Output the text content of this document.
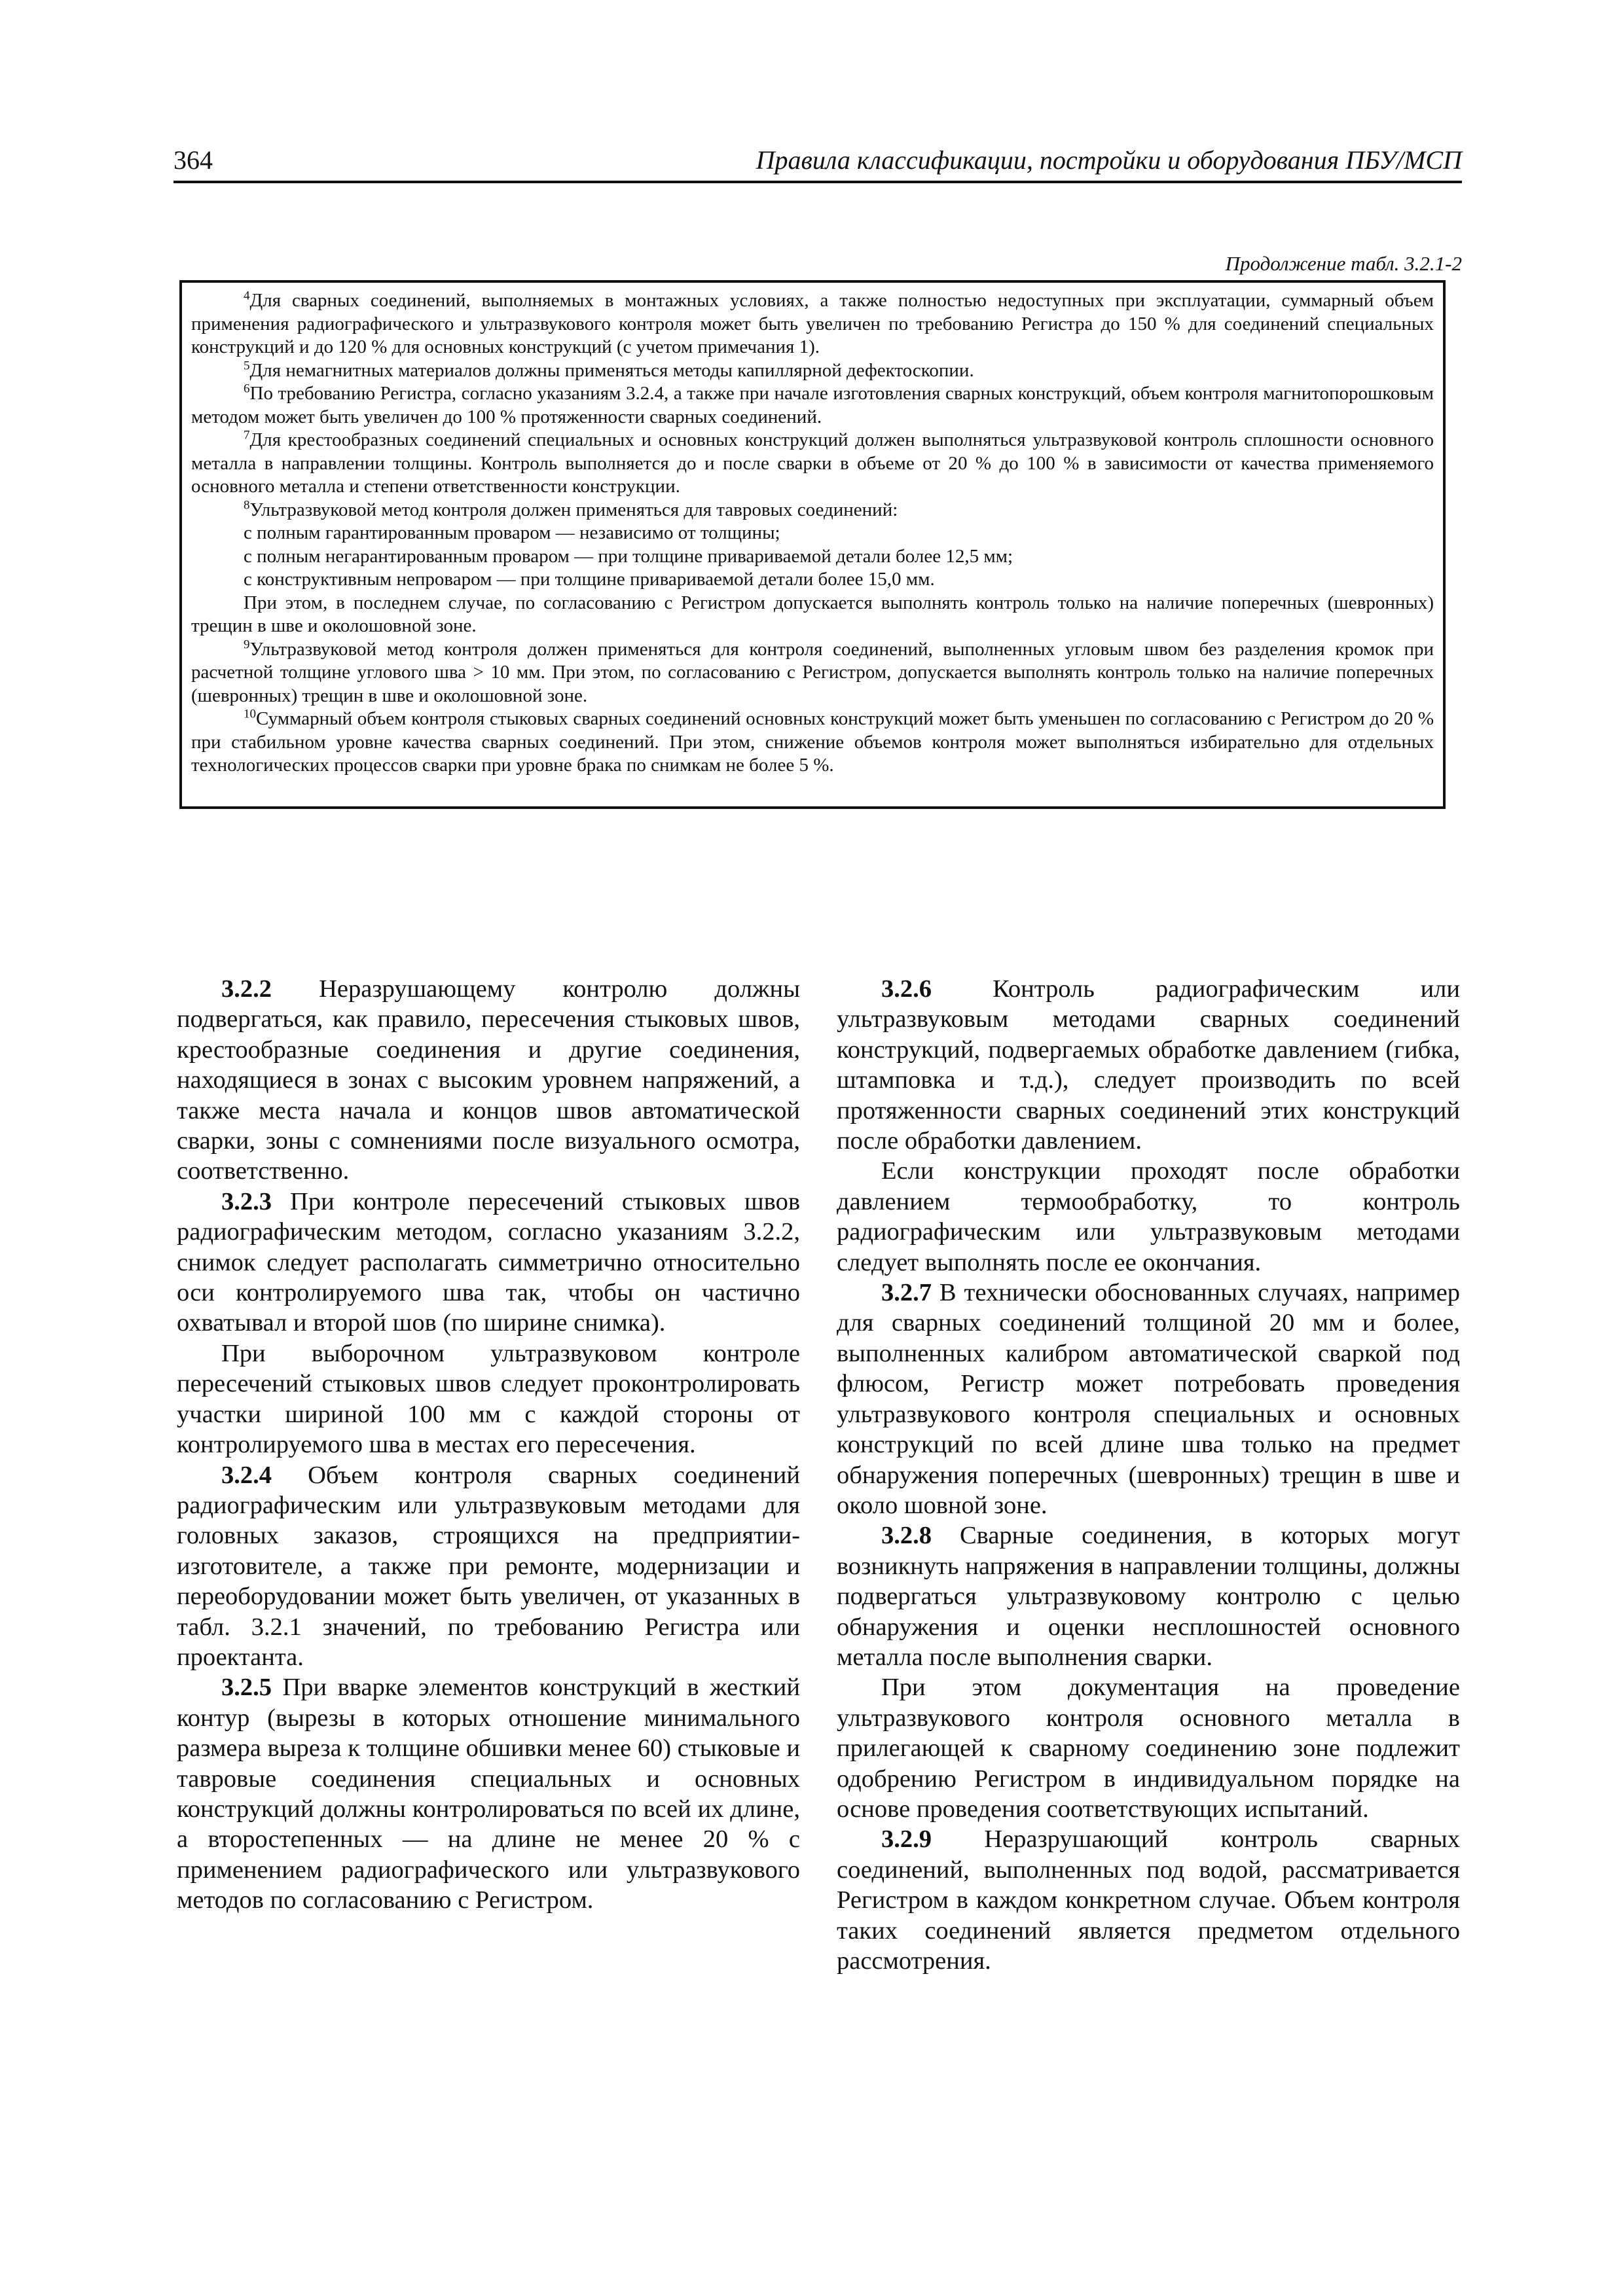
364	Правила классификации, постройки и оборудования ПБУ/МСП
Продолжение табл. 3.2.1-2

$^4$Для сварных соединений, выполняемых в монтажных условиях, а также полностью недоступных при эксплуатации, суммарный объем применения радиографического и ультразвукового контроля может быть увеличен по требованию Регистра до 150 % для соединений специальных конструкций и до 120 % для основных конструкций (с учетом примечания 1).

$^5$Для немагнитных материалов должны применяться методы капиллярной дефектоскопии.

$^6$По требованию Регистра, согласно указаниям 3.2.4, а также при начале изготовления сварных конструкций, объем контроля магнитопорошковым методом может быть увеличен до 100 % протяженности сварных соединений.

$^7$Для крестообразных соединений специальных и основных конструкций должен выполняться ультразвуковой контроль сплошности основного металла в направлении толщины. Контроль выполняется до и после сварки в объеме от 20 % до 100 % в зависимости от качества применяемого основного металла и степени ответственности конструкции.

$^8$Ультразвуковой метод контроля должен применяться для тавровых соединений:

с полным гарантированным проваром — независимо от толщины;

с полным негарантированным проваром — при толщине привариваемой детали более 12,5 мм;

с конструктивным непроваром — при толщине привариваемой детали более 15,0 мм.

При этом, в последнем случае, по согласованию с Регистром допускается выполнять контроль только на наличие поперечных (шевронных) трещин в шве и околошовной зоне.

$^9$Ультразвуковой метод контроля должен применяться для контроля соединений, выполненных угловым швом без разделения кромок при расчетной толщине углового шва > 10 мм. При этом, по согласованию с Регистром, допускается выполнять контроль только на наличие поперечных (шевронных) трещин в шве и околошовной зоне.

$^{10}$Суммарный объем контроля стыковых сварных соединений основных конструкций может быть уменьшен по согласованию с Регистром до 20 % при стабильном уровне качества сварных соединений. При этом, снижение объемов контроля может выполняться избирательно для отдельных технологических процессов сварки при уровне брака по снимкам не более 5 %.

3.2.2 Неразрушающему контролю должны подвергаться, как правило, пересечения стыковых швов, крестообразные соединения и другие соединения, находящиеся в зонах с высоким уровнем напряжений, а также места начала и концов швов автоматической сварки, зоны с сомнениями после визуального осмотра, соответственно.

3.2.3 При контроле пересечений стыковых швов радиографическим методом, согласно указаниям 3.2.2, снимок следует располагать симметрично относительно оси контролируемого шва так, чтобы он частично охватывал и второй шов (по ширине снимка).

При выборочном ультразвуковом контроле пересечений стыковых швов следует проконтролировать участки шириной 100 мм с каждой стороны от контролируемого шва в местах его пересечения.

3.2.4 Объем контроля сварных соединений радиографическим или ультразвуковым методами для головных заказов, строящихся на предприятии-изготовителе, а также при ремонте, модернизации и переоборудовании может быть увеличен, от указанных в табл. 3.2.1 значений, по требованию Регистра или проектанта.

3.2.5 При вварке элементов конструкций в жесткий контур (вырезы в которых отношение минимального размера выреза к толщине обшивки менее 60) стыковые и тавровые соединения специальных и основных конструкций должны контролироваться по всей их длине, а второстепенных — на длине не менее 20 % с применением радиографического или ультразвукового методов по согласованию с Регистром.

3.2.6 Контроль радиографическим или ультразвуковым методами сварных соединений конструкций, подвергаемых обработке давлением (гибка, штамповка и т.д.), следует производить по всей протяженности сварных соединений этих конструкций после обработки давлением.

Если конструкции проходят после обработки давлением термообработку, то контроль радиографическим или ультразвуковым методами следует выполнять после ее окончания.

3.2.7 В технически обоснованных случаях, например для сварных соединений толщиной 20 мм и более, выполненных калибром автоматической сваркой под флюсом, Регистр может потребовать проведения ультразвукового контроля специальных и основных конструкций по всей длине шва только на предмет обнаружения поперечных (шевронных) трещин в шве и около шовной зоне.

3.2.8 Сварные соединения, в которых могут возникнуть напряжения в направлении толщины, должны подвергаться ультразвуковому контролю с целью обнаружения и оценки несплошностей основного металла после выполнения сварки.

При этом документация на проведение ультразвукового контроля основного металла в прилегающей к сварному соединению зоне подлежит одобрению Регистром в индивидуальном порядке на основе проведения соответствующих испытаний.

3.2.9 Неразрушающий контроль сварных соединений, выполненных под водой, рассматривается Регистром в каждом конкретном случае. Объем контроля таких соединений является предметом отдельного рассмотрения.
